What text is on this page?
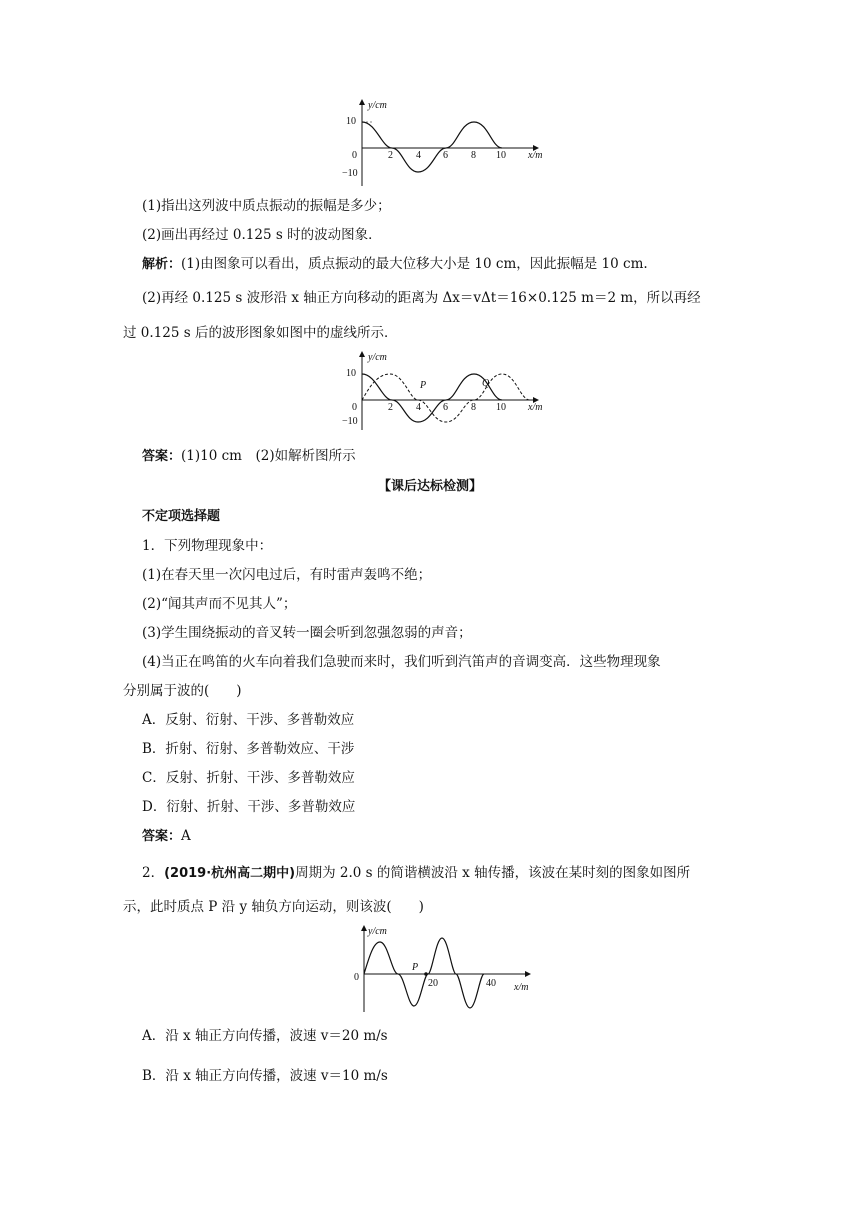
y/cm
x/m
10
−10
0	2 4 6 8 10
(1)指出这列波中质点振动的振幅是多少；
(2)画出再经过 0.125 s 时的波动图象．
解析：(1)由图象可以看出，质点振动的最大位移大小是 10 cm，因此振幅是 10 cm.
(2)再经 0.125 s 波形沿 x 轴正方向移动的距离为 Δx＝vΔt＝16×0.125 m＝2 m，所以再经
过 0.125 s 后的波形图象如图中的虚线所示．
y/cm
x/m
10
−10
0	2 4 6 8 10
P	Q
答案：(1)10 cm　(2)如解析图所示
【课后达标检测】
不定项选择题
1．下列物理现象中：
(1)在春天里一次闪电过后，有时雷声轰鸣不绝；
(2)“闻其声而不见其人”；
(3)学生围绕振动的音叉转一圈会听到忽强忽弱的声音；
(4)当正在鸣笛的火车向着我们急驶而来时，我们听到汽笛声的音调变高．这些物理现象
分别属于波的(　　)
A．反射、衍射、干涉、多普勒效应
B．折射、衍射、多普勒效应、干涉
C．反射、折射、干涉、多普勒效应
D．衍射、折射、干涉、多普勒效应
答案：A
2．(2019·杭州高二期中)周期为 2.0 s 的简谐横波沿 x 轴传播，该波在某时刻的图象如图所
示，此时质点 P 沿 y 轴负方向运动，则该波(　　)
y/cm
x/m
0
20	40
P
A．沿 x 轴正方向传播，波速 v＝20 m/s
B．沿 x 轴正方向传播，波速 v＝10 m/s
